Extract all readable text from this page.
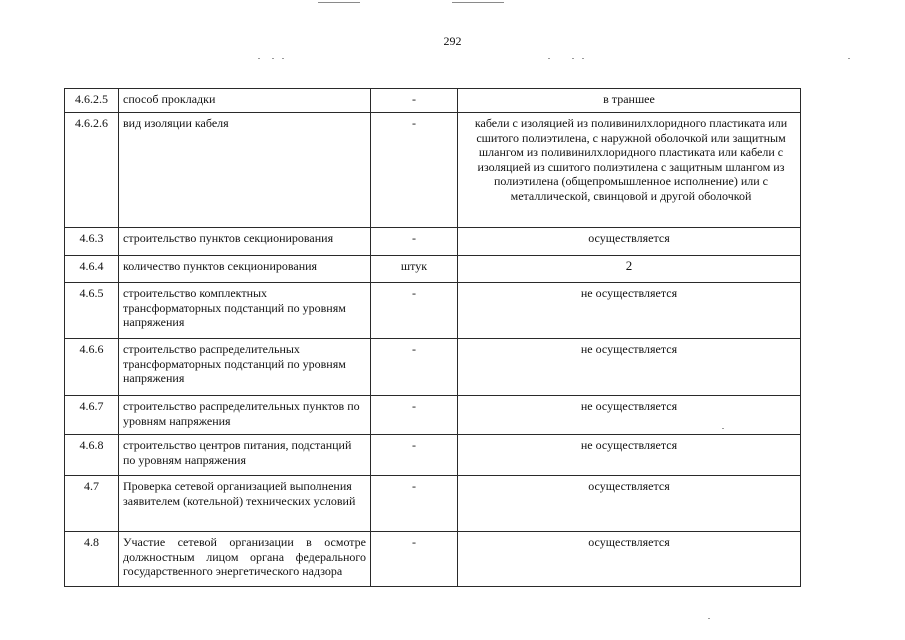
292
4.6.2.5	способ прокладки	-	в траншее
4.6.2.6	вид изоляции кабеля	-	кабели с изоляцией из поливинилхлоридного пластиката или сшитого полиэтилена, с наружной оболочкой или защитным шлангом из поливинилхлоридного пластиката или кабели с изоляцией из сшитого полиэтилена с защитным шлангом из полиэтилена (общепромышленное исполнение) или с металлической, свинцовой и другой оболочкой
4.6.3	строительство пунктов секционирования	-	осуществляется
4.6.4	количество пунктов секционирования	штук	2
4.6.5	строительство комплектных трансформаторных подстанций по уровням напряжения	-	не осуществляется
4.6.6	строительство распределительных трансформаторных подстанций по уровням напряжения	-	не осуществляется
4.6.7	строительство распределительных пунктов по уровням напряжения	-	не осуществляется
4.6.8	строительство центров питания, подстанций по уровням напряжения	-	не осуществляется
4.7	Проверка сетевой организацией выполнения заявителем (котельной) технических условий	-	осуществляется
4.8	Участие сетевой организации в осмотре должностным лицом органа федерального государственного энергетического надзора	-	осуществляется
